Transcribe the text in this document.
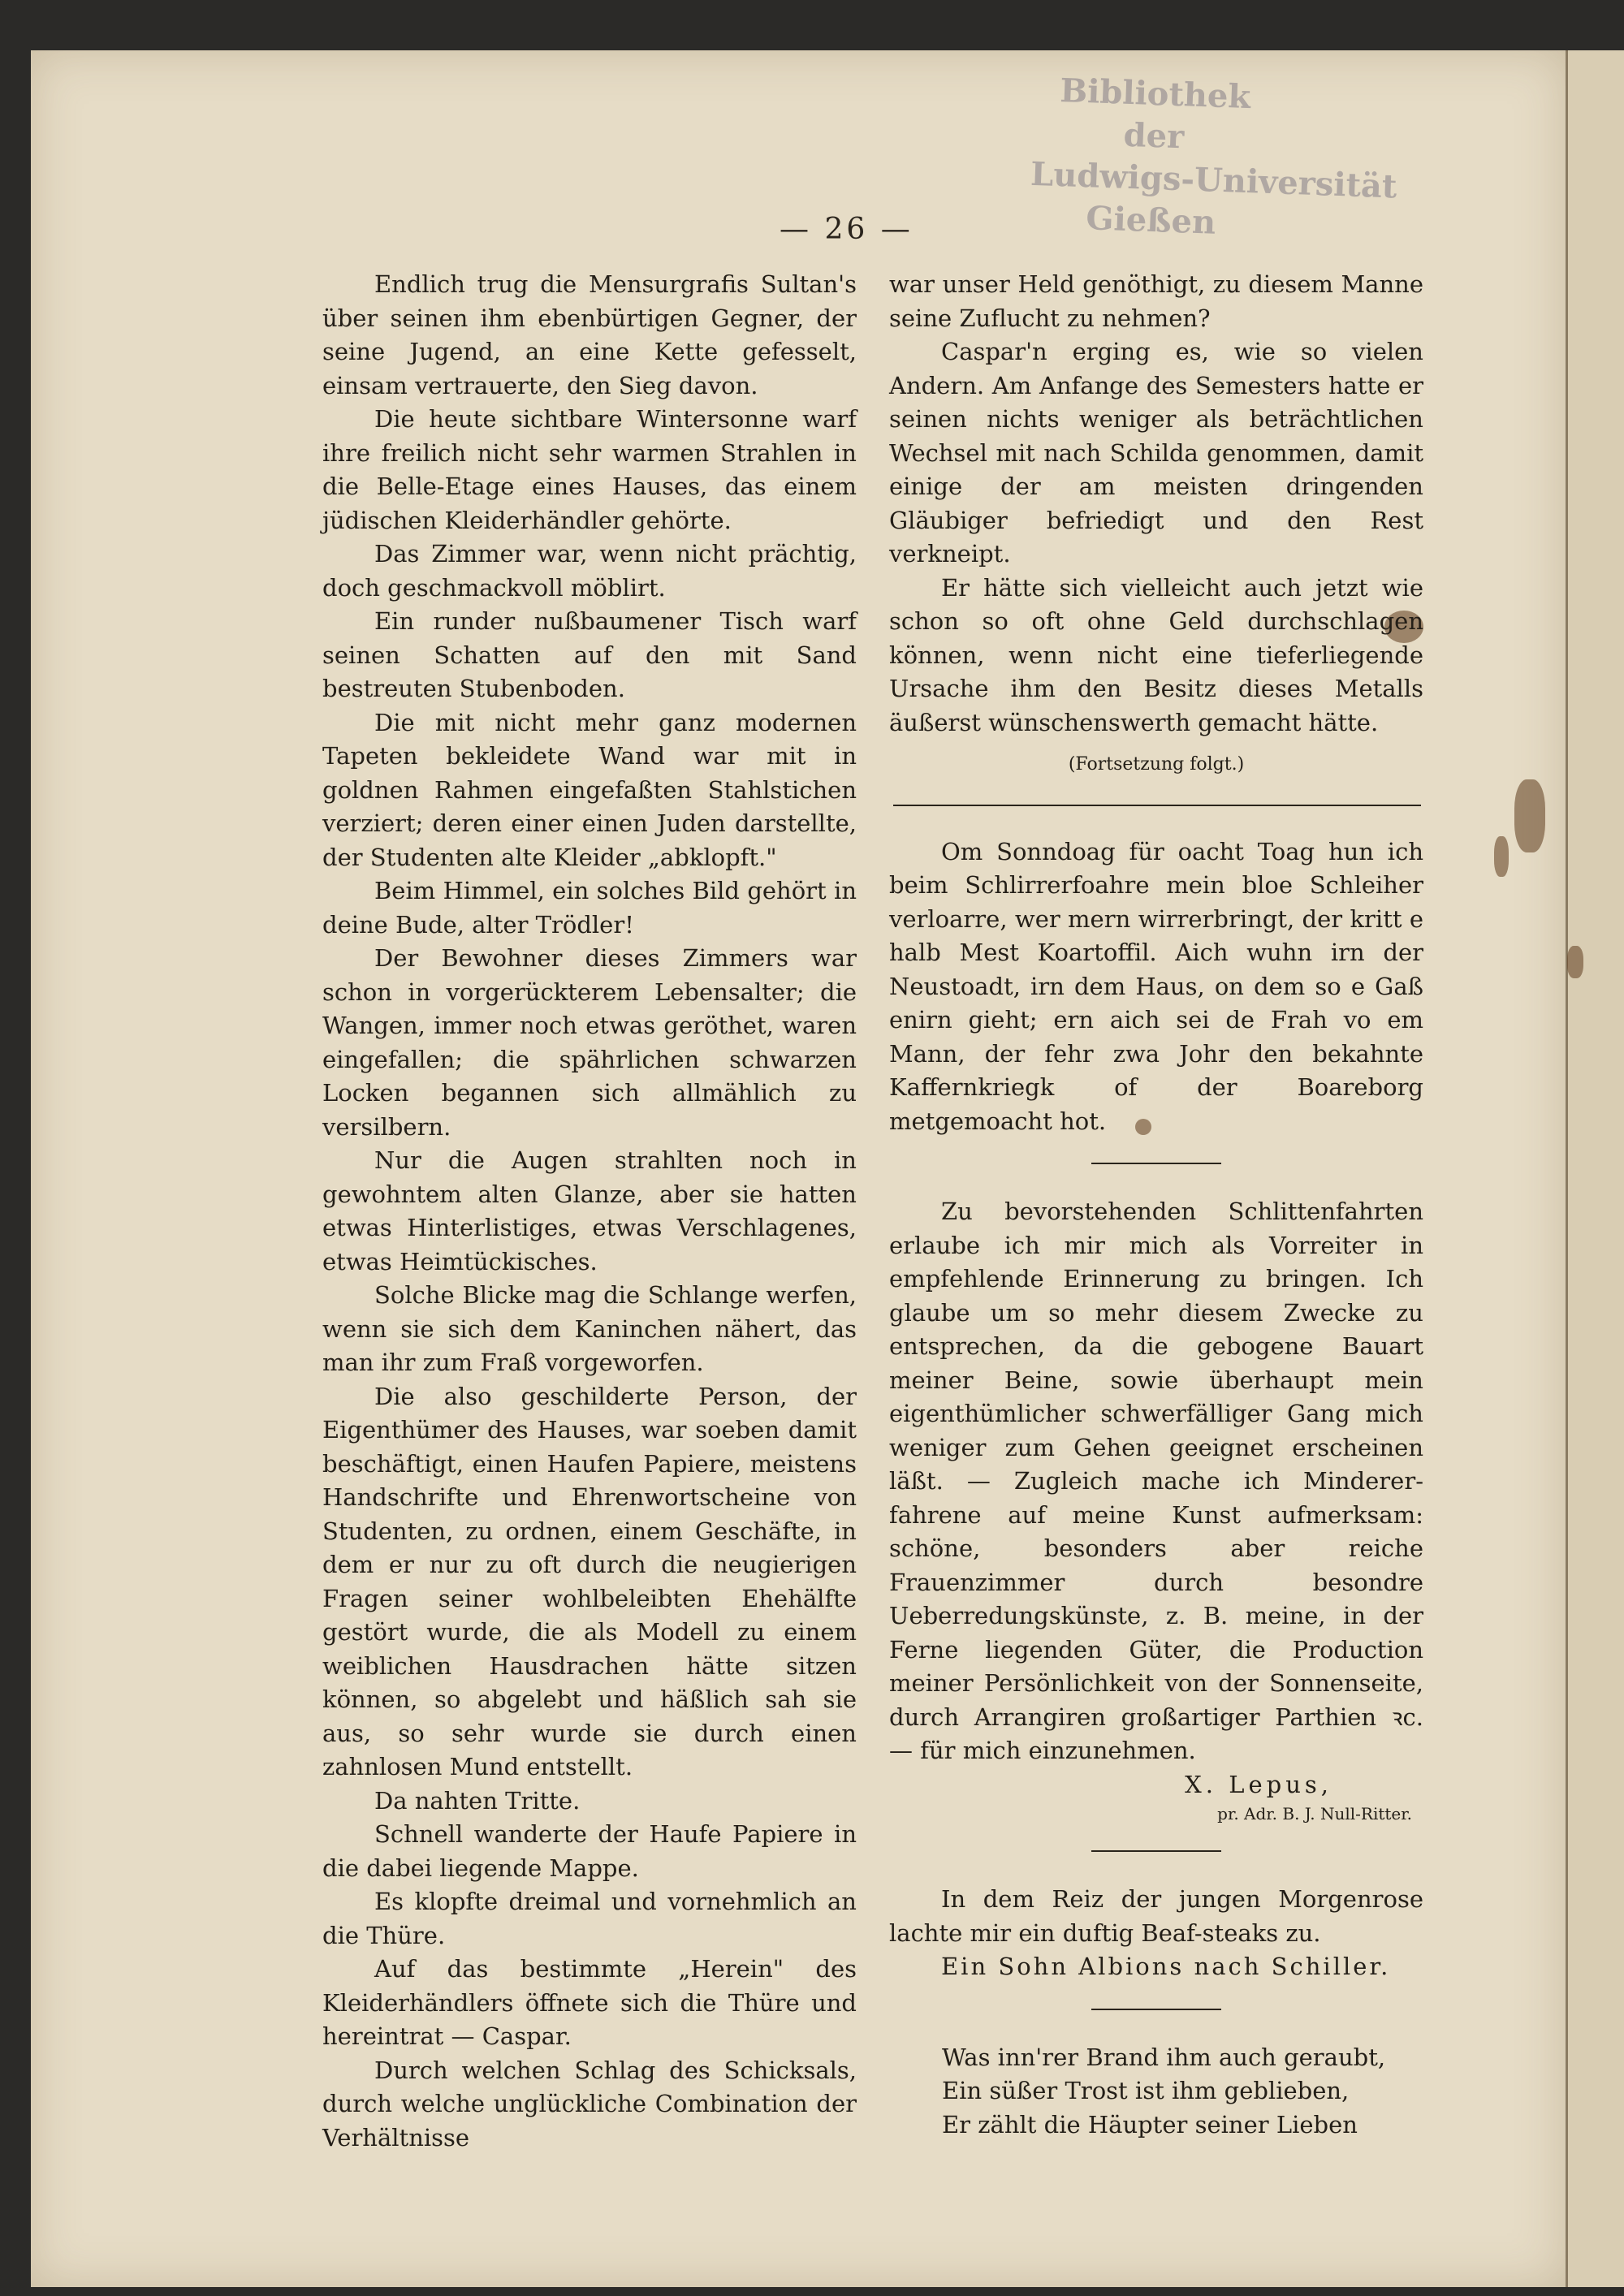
Bibliothek
der
Ludwigs-Universität
Gießen
— 26 —

Endlich trug die Mensurgrafis Sultan's über seinen ihm ebenbürtigen Gegner, der seine Jugend, an eine Kette gefesselt, einsam vertrauerte, den Sieg davon.

Die heute sichtbare Wintersonne warf ihre freilich nicht sehr warmen Strahlen in die Belle-Etage eines Hauses, das einem jüdischen Kleiderhändler gehörte.

Das Zimmer war, wenn nicht prächtig, doch geschmackvoll möblirt.

Ein runder nußbaumener Tisch warf seinen Schatten auf den mit Sand bestreuten Stubenboden.

Die mit nicht mehr ganz modernen Tapeten bekleidete Wand war mit in goldnen Rahmen eingefaßten Stahlstichen verziert; deren einer einen Juden darstellte, der Studenten alte Kleider „abklopft."

Beim Himmel, ein solches Bild gehört in deine Bude, alter Trödler!

Der Bewohner dieses Zimmers war schon in vorgerückterem Lebensalter; die Wangen, immer noch etwas geröthet, waren eingefallen; die spährlichen schwarzen Locken begannen sich allmählich zu versilbern.

Nur die Augen strahlten noch in gewohntem alten Glanze, aber sie hatten etwas Hinterlistiges, etwas Verschlagenes, etwas Heimtückisches.

Solche Blicke mag die Schlange werfen, wenn sie sich dem Kaninchen nähert, das man ihr zum Fraß vorgeworfen.

Die also geschilderte Person, der Eigenthümer des Hauses, war soeben damit beschäftigt, einen Haufen Papiere, meistens Handschrifte und Ehrenwortscheine von Studenten, zu ordnen, einem Geschäfte, in dem er nur zu oft durch die neugierigen Fragen seiner wohlbeleibten Ehehälfte gestört wurde, die als Modell zu einem weiblichen Hausdrachen hätte sitzen können, so abgelebt und häßlich sah sie aus, so sehr wurde sie durch einen zahnlosen Mund entstellt.

Da nahten Tritte.

Schnell wanderte der Haufe Papiere in die dabei liegende Mappe.

Es klopfte dreimal und vornehmlich an die Thüre.

Auf das bestimmte „Herein" des Kleiderhändlers öffnete sich die Thüre und hereintrat — Caspar.

Durch welchen Schlag des Schicksals, durch welche unglückliche Combination der Verhältnisse

war unser Held genöthigt, zu diesem Manne seine Zuflucht zu nehmen?

Caspar'n erging es, wie so vielen Andern. Am Anfange des Semesters hatte er seinen nichts weniger als beträchtlichen Wechsel mit nach Schilda genommen, damit einige der am meisten dringenden Gläubiger befriedigt und den Rest verkneipt.

Er hätte sich vielleicht auch jetzt wie schon so oft ohne Geld durchschlagen können, wenn nicht eine tieferliegende Ursache ihm den Besitz dieses Metalls äußerst wünschenswerth gemacht hätte.

(Fortsetzung folgt.)

Om Sonndoag für oacht Toag hun ich beim Schlirrerfoahre mein bloe Schleiher verloarre, wer mern wirrerbringt, der kritt e halb Mest Koartoffil. Aich wuhn irn der Neustoadt, irn dem Haus, on dem so e Gaß enirn gieht; ern aich sei de Frah vo em Mann, der fehr zwa Johr den bekahnte Kaffernkriegk of der Boareborg metgemoacht hot.

Zu bevorstehenden Schlittenfahrten erlaube ich mir mich als Vorreiter in empfehlende Erinnerung zu bringen. Ich glaube um so mehr diesem Zwecke zu entsprechen, da die gebogene Bauart meiner Beine, sowie überhaupt mein eigenthümlicher schwerfälliger Gang mich weniger zum Gehen geeignet erscheinen läßt. — Zugleich mache ich Minderer-fahrene auf meine Kunst aufmerksam: schöne, besonders aber reiche Frauenzimmer durch besondre Ueberredungskünste, z. B. meine, in der Ferne liegenden Güter, die Production meiner Persönlichkeit von der Sonnenseite, durch Arrangiren großartiger Parthien ꝛc. — für mich einzunehmen.

X. Lepus,

pr. Adr. B. J. Null-Ritter.

In dem Reiz der jungen Morgenrose lachte mir ein duftig Beaf-steaks zu.

Ein Sohn Albions nach Schiller.

Was inn'rer Brand ihm auch geraubt,

Ein süßer Trost ist ihm geblieben,

Er zählt die Häupter seiner Lieben
